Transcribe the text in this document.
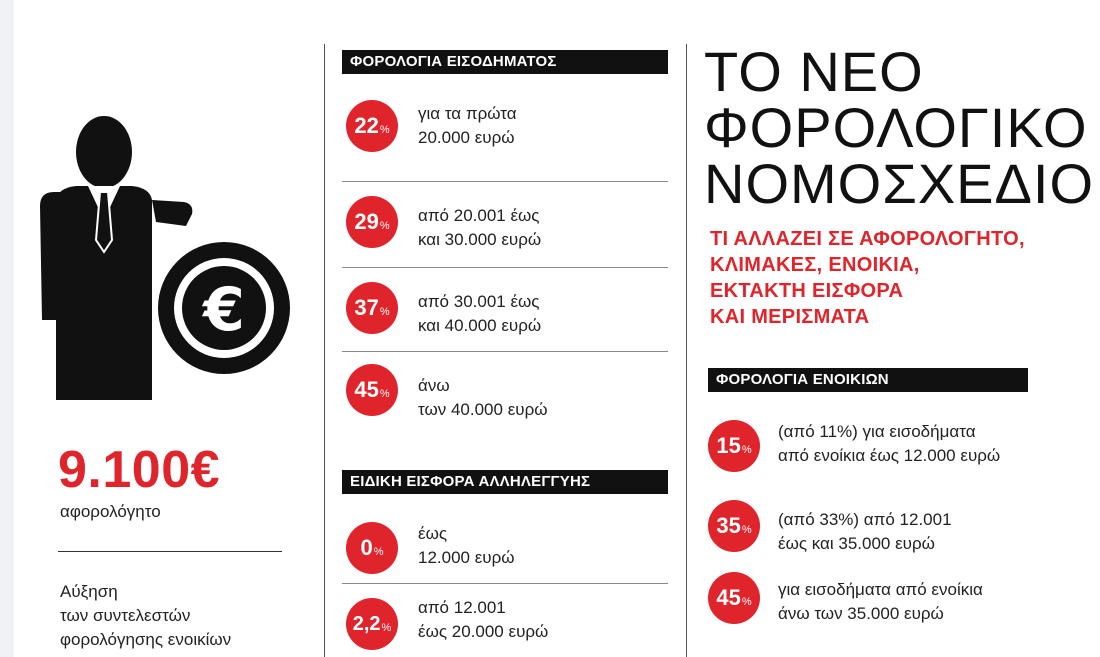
€
9.100€
αφορολόγητο
Αύξηση
των συντελεστών
φορολόγησης ενοικίων
ΦΟΡΟΛΟΓΙΑ ΕΙΣΟΔΗΜΑΤΟΣ
22 %
για τα πρώτα
20.000 ευρώ
29 %
από 20.001 έως
και 30.000 ευρώ
37 %
από 30.001 έως
και 40.000 ευρώ
45 % άνω
των 40.000 ευρώ
ΕΙΔΙΚΗ ΕΙΣΦΟΡΑ ΑΛΛΗΛΕΓΓΥΗΣ
0 %
έως
12.000 ευρώ
2,2 %
από 12.001
έως 20.000 ευρώ
ΤΟ ΝΕΟ
ΦΟΡΟΛΟΓΙΚΟ
ΝΟΜΟΣΧΕΔΙΟ
ΤΙ ΑΛΛΑΖΕΙ ΣΕ ΑΦΟΡΟΛΟΓΗΤΟ,
ΚΛΙΜΑΚΕΣ, ΕΝΟΙΚΙΑ,
ΕΚΤΑΚΤΗ ΕΙΣΦΟΡΑ
ΚΑΙ ΜΕΡΙΣΜΑΤΑ
ΦΟΡΟΛΟΓΙΑ ΕΝΟΙΚΙΩΝ
15 %
(από 11%) για εισοδήματα
από ενοίκια έως 12.000 ευρώ
35 %
(από 33%) από 12.001
έως και 35.000 ευρώ
45 %
για εισοδήματα από ενοίκια
άνω των 35.000 ευρώ
